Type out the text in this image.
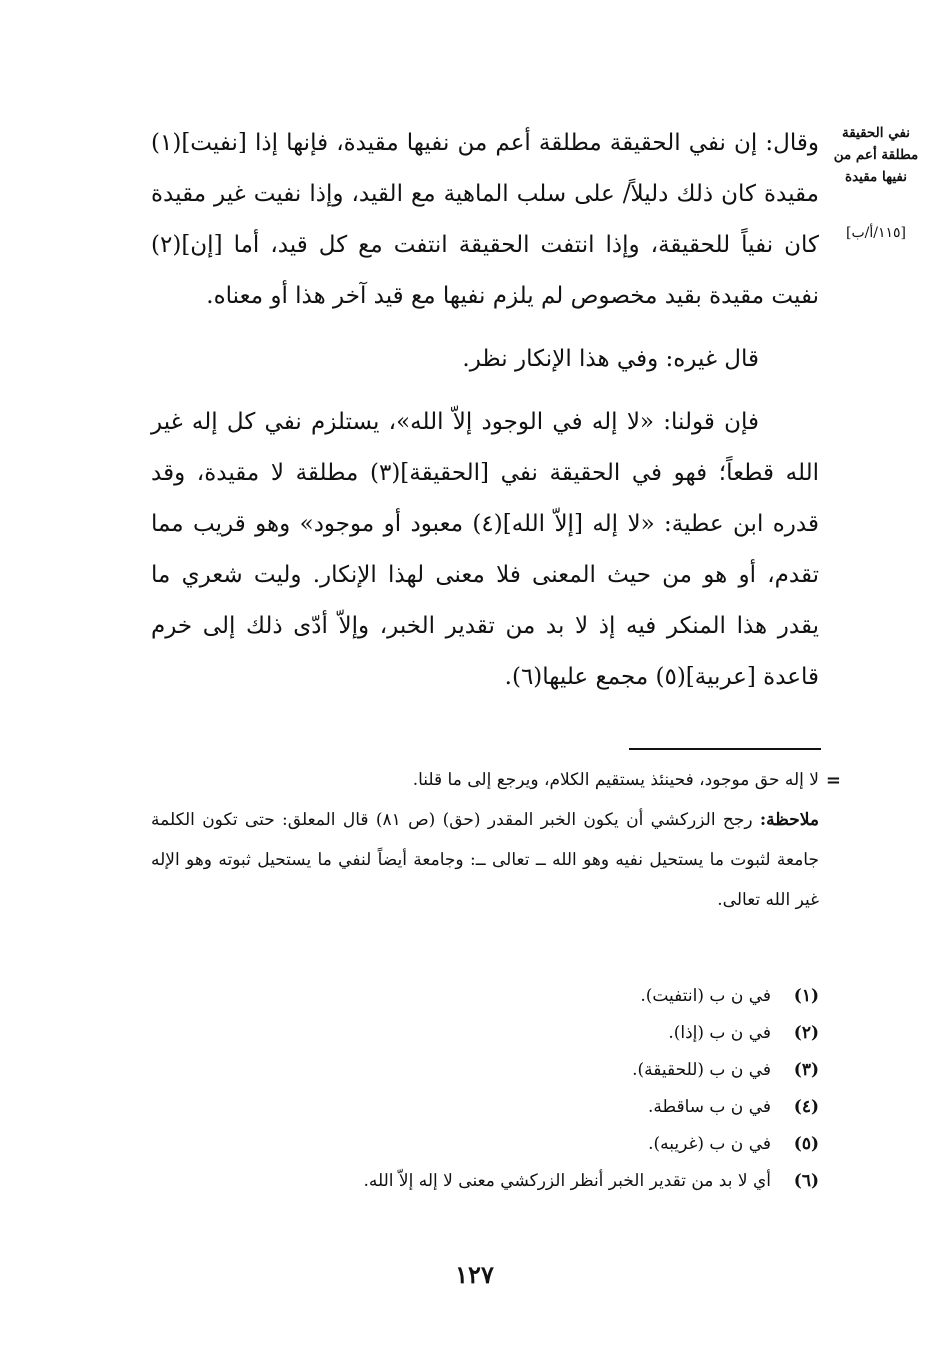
نفي الحقيقة مطلقة أعم من نفيها مقيدة
[١١٥/أ/ب]

وقال: إن نفي الحقيقة مطلقة أعم من نفيها مقيدة، فإنها إذا [نفيت](١) مقيدة كان ذلك دليلاً/ على سلب الماهية مع القيد، وإذا نفيت غير مقيدة كان نفياً للحقيقة، وإذا انتفت الحقيقة انتفت مع كل قيد، أما [إن](٢) نفيت مقيدة بقيد مخصوص لم يلزم نفيها مع قيد آخر هذا أو معناه.

قال غيره: وفي هذا الإنكار نظر.

فإن قولنا: «لا إله في الوجود إلاّ الله»، يستلزم نفي كل إله غير الله قطعاً؛ فهو في الحقيقة نفي [الحقيقة](٣) مطلقة لا مقيدة، وقد قدره ابن عطية: «لا إله [إلاّ الله](٤) معبود أو موجود» وهو قريب مما تقدم، أو هو من حيث المعنى فلا معنى لهذا الإنكار. وليت شعري ما يقدر هذا المنكر فيه إذ لا بد من تقدير الخبر، وإلاّ أدّى ذلك إلى خرم قاعدة [عربية](٥) مجمع عليها(٦).

=

لا إله حق موجود، فحينئذ يستقيم الكلام، ويرجع إلى ما قلنا.

ملاحظة: رجح الزركشي أن يكون الخبر المقدر (حق) (ص ٨١) قال المعلق: حتى تكون الكلمة جامعة لثبوت ما يستحيل نفيه وهو الله ــ تعالى ــ: وجامعة أيضاً لنفي ما يستحيل ثبوته وهو الإله غير الله تعالى.

(١)
في ن ب (انتفيت).
(٢)
في ن ب (إذا).
(٣)
في ن ب (للحقيقة).
(٤)
في ن ب ساقطة.
(٥)
في ن ب (غريبه).
(٦)
أي لا بد من تقدير الخبر أنظر الزركشي معنى لا إله إلاّ الله.
١٢٧
